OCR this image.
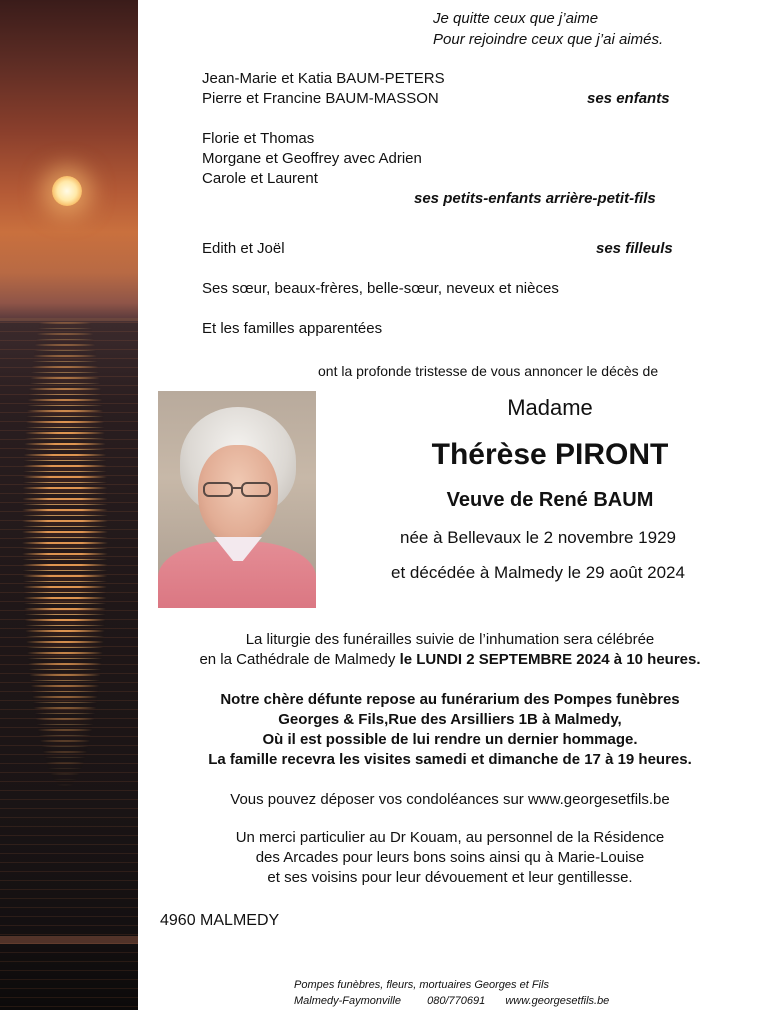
Je quitte ceux que j’aime
Pour rejoindre ceux que j’ai aimés.
Jean-Marie et Katia BAUM-PETERS
Pierre et Francine BAUM-MASSON	ses enfants
Florie et Thomas
Morgane et Geoffrey avec Adrien
Carole et Laurent
ses petits-enfants arrière-petit-fils
Edith et Joël	ses filleuls
Ses sœur, beaux-frères, belle-sœur, neveux et nièces
Et les familles apparentées
ont la profonde tristesse de vous annoncer le décès de
Madame
Thérèse PIRONT
Veuve de René BAUM
née à Bellevaux le 2 novembre 1929
et décédée à Malmedy le 29 août 2024
La liturgie des funérailles suivie de l’inhumation sera célébrée
en la Cathédrale de Malmedy le LUNDI 2 SEPTEMBRE 2024 à 10 heures.
Notre chère défunte repose au funérarium des Pompes funèbres
Georges & Fils,Rue des Arsilliers 1B à Malmedy,
Où il est possible de lui rendre un dernier hommage.
La famille recevra les visites samedi et dimanche de 17 à 19 heures.
Vous pouvez déposer vos condoléances sur www.georgesetfils.be
Un merci particulier au Dr Kouam, au personnel de la Résidence
des Arcades pour leurs bons soins ainsi qu à Marie-Louise
et ses voisins pour leur dévouement et leur gentillesse.
4960 MALMEDY
Pompes funèbres, fleurs, mortuaires Georges et Fils
Malmedy-Faymonville 080/770691 www.georgesetfils.be
